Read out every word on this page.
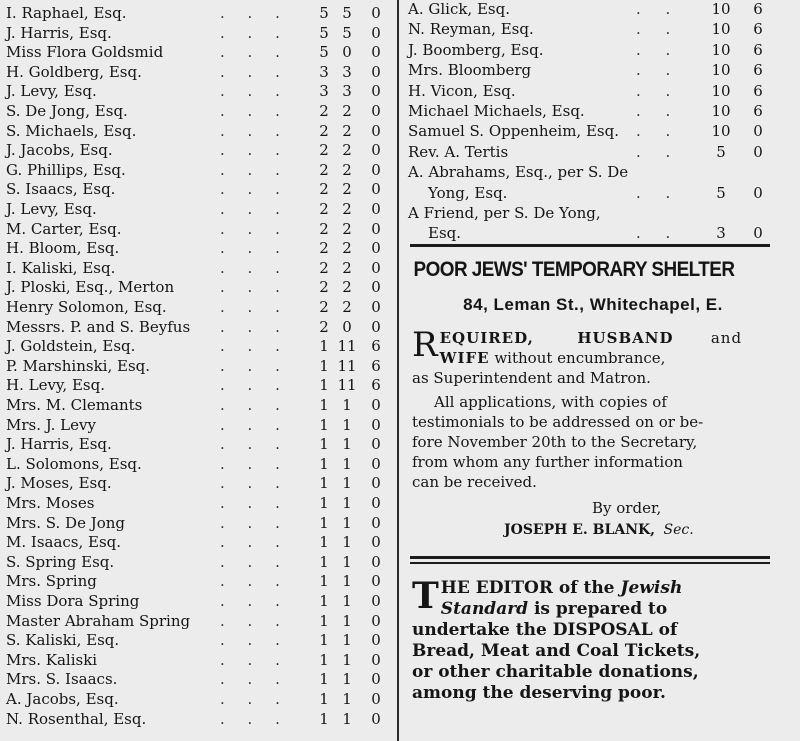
I. Raphael, Esq.	5 5	0
. . .
J. Harris, Esq.	5 5	0
. . .
Miss Flora Goldsmid	5 0	0
. . .
H. Goldberg, Esq.	3 3	0
. . .
J. Levy, Esq.	3 3	0
. . .
S. De Jong, Esq.	2 2	0
. . .
S. Michaels, Esq.	2 2	0
. . .
J. Jacobs, Esq.	2 2	0
. . .
G. Phillips, Esq.	2 2	0
. . .
S. Isaacs, Esq.	2 2	0
. . .
J. Levy, Esq.	2 2	0
. . .
M. Carter, Esq.	2 2	0
. . .
H. Bloom, Esq.	2 2	0
. . .
I. Kaliski, Esq.	2 2	0
. . .
J. Ploski, Esq., Merton	2 2	0
. . .
Henry Solomon, Esq.	2 2	0
. . .
Messrs. P. and S. Beyfus	2 0	0
. . .
J. Goldstein, Esq.	1 11 6
. . .
P. Marshinski, Esq.	1 11 6
. . .
H. Levy, Esq.	1 11 6
. . .
Mrs. M. Clemants	1 1	0
. . .
Mrs. J. Levy	1 1	0
. . .
J. Harris, Esq.	1 1	0
. . .
L. Solomons, Esq.	1 1	0
. . .
J. Moses, Esq.	1 1	0
. . .
Mrs. Moses	1 1	0
. . .
Mrs. S. De Jong	1 1	0
. . .
M. Isaacs, Esq.	1 1	0
. . .
S. Spring Esq.	1 1	0
. . .
Mrs. Spring	1 1	0
. . .
Miss Dora Spring	1 1	0
. . .
Master Abraham Spring	1 1	0
. . .
S. Kaliski, Esq.	1 1	0
. . .
Mrs. Kaliski	1 1	0
. . .
Mrs. S. Isaacs.	1 1	0
. . .
A. Jacobs, Esq.	1 1	0
. . .
N. Rosenthal, Esq.	1 1	0
. . .
A. Glick, Esq.	. . 10 6
N. Reyman, Esq.	. . 10 6
J. Boomberg, Esq.	. . 10 6
Mrs. Bloomberg	. . 10 6
H. Vicon, Esq.	. . 10 6
Michael Michaels, Esq.	. . 10 6
Samuel S. Oppenheim, Esq. . . 10 0
Rev. A. Tertis	. .	5	0
A. Abrahams, Esq., per S. De
Yong, Esq.	. .	5	0
A Friend, per S. De Yong,
Esq.	. .	3	0
POOR JEWS' TEMPORARY SHELTER
84, Leman St., Whitechapel, E.
R EQUIRED,	HUSBAND and
WIFE without encumbrance,
as Superintendent and Matron.
All applications, with copies of
testimonials to be addressed on or be-
fore November 20th to the Secretary,
from whom any further information
can be received.
By order,
JOSEPH E. BLANK, Sec.
T HE EDITOR of the Jewish
Standard is prepared to
undertake the DISPOSAL of
Bread, Meat and Coal Tickets,
or other charitable donations,
among the deserving poor.
